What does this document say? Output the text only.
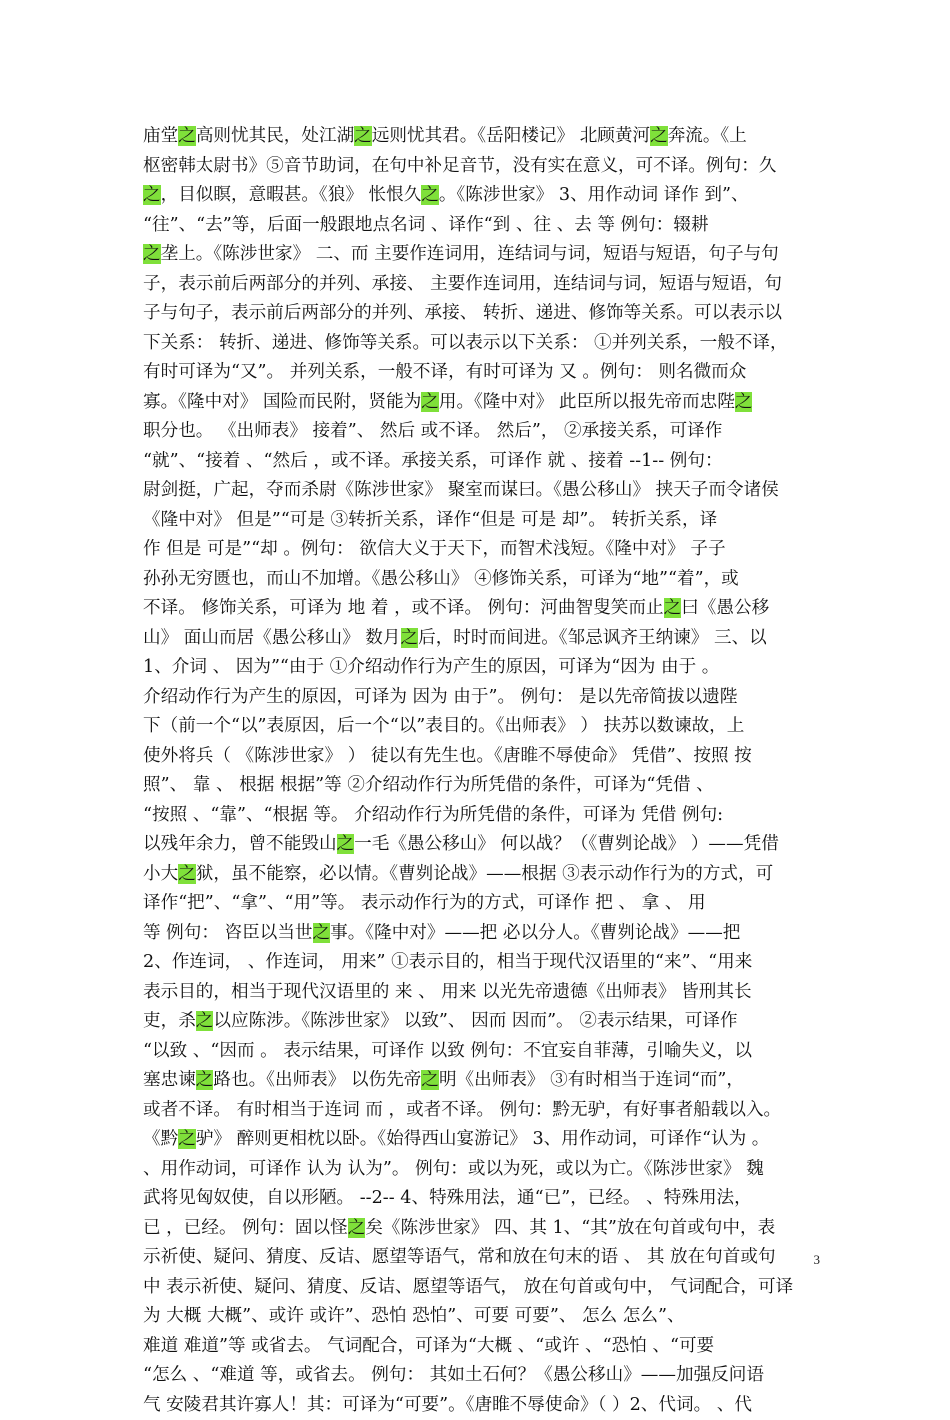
庙堂之高则忧其民，处江湖之远则忧其君。《岳阳楼记》 北顾黄河之奔流。《上
枢密韩太尉书》⑤音节助词，在句中补足音节，没有实在意义，可不译。例句：久
之，目似瞑，意暇甚。《狼》 怅恨久之。《陈涉世家》 3、用作动词 译作 到”、
“往”、“去”等，后面一般跟地点名词 、译作“到 、往 、去 等 例句：辍耕
之垄上。《陈涉世家》 二、而 主要作连词用，连结词与词，短语与短语，句子与句
子，表示前后两部分的并列、承接、 主要作连词用，连结词与词，短语与短语，句
子与句子，表示前后两部分的并列、承接、 转折、递进、修饰等关系。可以表示以
下关系： 转折、递进、修饰等关系。可以表示以下关系： ①并列关系，一般不译，
有时可译为“又”。 并列关系，一般不译，有时可译为 又 。例句： 则名微而众
寡。《隆中对》 国险而民附，贤能为之用。《隆中对》 此臣所以报先帝而忠陛之
职分也。 《出师表》 接着”、 然后 或不译。 然后”， ②承接关系，可译作
“就”、“接着 、“然后 ，或不译。承接关系，可译作 就 、接着 --1-- 例句：
尉剑挺，广起，夺而杀尉《陈涉世家》 聚室而谋曰。《愚公移山》 挟天子而令诸侯
《隆中对》 但是”“可是 ③转折关系，译作“但是 可是 却”。 转折关系，译
作 但是 可是”“却 。例句： 欲信大义于天下，而智术浅短。《隆中对》 子子
孙孙无穷匮也，而山不加增。《愚公移山》 ④修饰关系，可译为“地”“着”，或
不译。 修饰关系，可译为 地 着 ，或不译。 例句：河曲智叟笑而止之曰《愚公移
山》 面山而居《愚公移山》 数月之后，时时而间进。《邹忌讽齐王纳谏》 三、以
1、介词 、 因为”“由于 ①介绍动作行为产生的原因，可译为“因为 由于 。
介绍动作行为产生的原因，可译为 因为 由于”。 例句： 是以先帝简拔以遗陛
下（前一个“以”表原因，后一个“以”表目的。《出师表》 ） 扶苏以数谏故，上
使外将兵（ 《陈涉世家》 ） 徒以有先生也。《唐睢不辱使命》 凭借”、按照 按
照”、 靠 、 根据 根据”等 ②介绍动作行为所凭借的条件，可译为“凭借 、
“按照 、“靠”、“根据 等。 介绍动作行为所凭借的条件，可译为 凭借 例句:
以残年余力，曾不能毁山之一毛《愚公移山》 何以战？（《曹刿论战》 ）——凭借
小大之狱，虽不能察，必以情。《曹刿论战》——根据 ③表示动作行为的方式，可
译作“把”、“拿”、“用”等。 表示动作行为的方式，可译作 把 、 拿 、 用
等 例句： 咨臣以当世之事。《隆中对》——把 必以分人。《曹刿论战》——把
2、作连词， 、作连词， 用来” ①表示目的，相当于现代汉语里的“来”、“用来
表示目的，相当于现代汉语里的 来 、 用来 以光先帝遗德《出师表》 皆刑其长
吏，杀之以应陈涉。《陈涉世家》 以致”、 因而 因而”。 ②表示结果，可译作
“以致 、“因而 。 表示结果，可译作 以致 例句：不宜妄自菲薄，引喻失义，以
塞忠谏之路也。《出师表》 以伤先帝之明《出师表》 ③有时相当于连词“而”，
或者不译。 有时相当于连词 而 ，或者不译。 例句：黔无驴，有好事者船载以入。
《黔之驴》 醉则更相枕以卧。《始得西山宴游记》 3、用作动词，可译作“认为 。
、用作动词，可译作 认为 认为”。 例句：或以为死，或以为亡。《陈涉世家》 魏
武将见匈奴使，自以形陋。 --2-- 4、特殊用法，通“已”，已经。 、特殊用法，
已 ，已经。 例句：固以怪之矣《陈涉世家》 四、其 1、“其”放在句首或句中，表
示祈使、疑问、猜度、反诘、愿望等语气，常和放在句末的语 、 其 放在句首或句
中 表示祈使、疑问、猜度、反诘、愿望等语气， 放在句首或句中， 气词配合，可译
为 大概 大概”、或许 或许”、恐怕 恐怕”、可要 可要”、 怎么 怎么”、
难道 难道”等 或省去。 气词配合，可译为“大概 、“或许 、“恐怕 、“可要
“怎么 、“难道 等，或省去。 例句： 其如土石何？《愚公移山》——加强反问语
气 安陵君其许寡人！其：可译为“可要”。《唐睢不辱使命》（ ）2、代词。 、代
3
